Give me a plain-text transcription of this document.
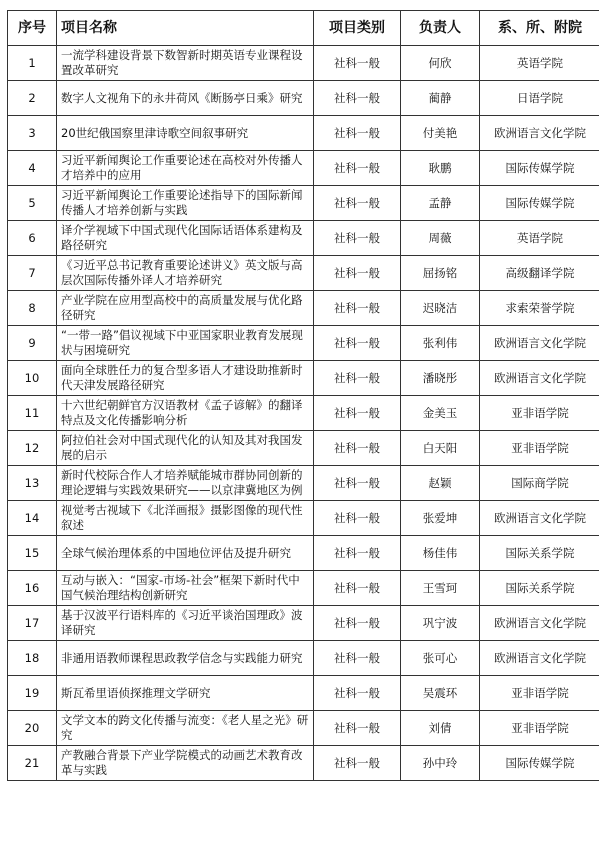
序号	项目名称	项目类别	负责人	系、所、附院
1	一流学科建设背景下数智新时期英语专业课程设置改革研究	社科一般	何欣	英语学院
2	数字人文视角下的永井荷风《断肠亭日乘》研究	社科一般	蔺静	日语学院
3	20世纪俄国察里津诗歌空间叙事研究	社科一般	付美艳	欧洲语言文化学院
4	习近平新闻舆论工作重要论述在高校对外传播人才培养中的应用	社科一般	耿鹏	国际传媒学院
5	习近平新闻舆论工作重要论述指导下的国际新闻传播人才培养创新与实践	社科一般	孟静	国际传媒学院
6	译介学视域下中国式现代化国际话语体系建构及路径研究	社科一般	周薇	英语学院
7	《习近平总书记教育重要论述讲义》英文版与高层次国际传播外译人才培养研究	社科一般	屈扬铭	高级翻译学院
8	产业学院在应用型高校中的高质量发展与优化路径研究	社科一般	迟晓洁	求索荣誉学院
9	“一带一路”倡议视域下中亚国家职业教育发展现状与困境研究	社科一般	张利伟	欧洲语言文化学院
10	面向全球胜任力的复合型多语人才建设助推新时代天津发展路径研究	社科一般	潘晓彤	欧洲语言文化学院
11	十六世纪朝鲜官方汉语教材《孟子谚解》的翻译特点及文化传播影响分析	社科一般	金美玉	亚非语学院
12	阿拉伯社会对中国式现代化的认知及其对我国发展的启示	社科一般	白天阳	亚非语学院
13	新时代校际合作人才培养赋能城市群协同创新的理论逻辑与实践效果研究——以京津冀地区为例	社科一般	赵颖	国际商学院
14	视觉考古视域下《北洋画报》摄影图像的现代性叙述	社科一般	张爱坤	欧洲语言文化学院
15	全球气候治理体系的中国地位评估及提升研究	社科一般	杨佳伟	国际关系学院
16	互动与嵌入：“国家-市场-社会”框架下新时代中国气候治理结构创新研究	社科一般	王雪珂	国际关系学院
17	基于汉波平行语料库的《习近平谈治国理政》波译研究	社科一般	巩宁波	欧洲语言文化学院
18	非通用语教师课程思政教学信念与实践能力研究	社科一般	张可心	欧洲语言文化学院
19	斯瓦希里语侦探推理文学研究	社科一般	吴震环	亚非语学院
20	文学文本的跨文化传播与流变：《老人星之光》研究	社科一般	刘倩	亚非语学院
21	产教融合背景下产业学院模式的动画艺术教育改革与实践	社科一般	孙中玲	国际传媒学院
